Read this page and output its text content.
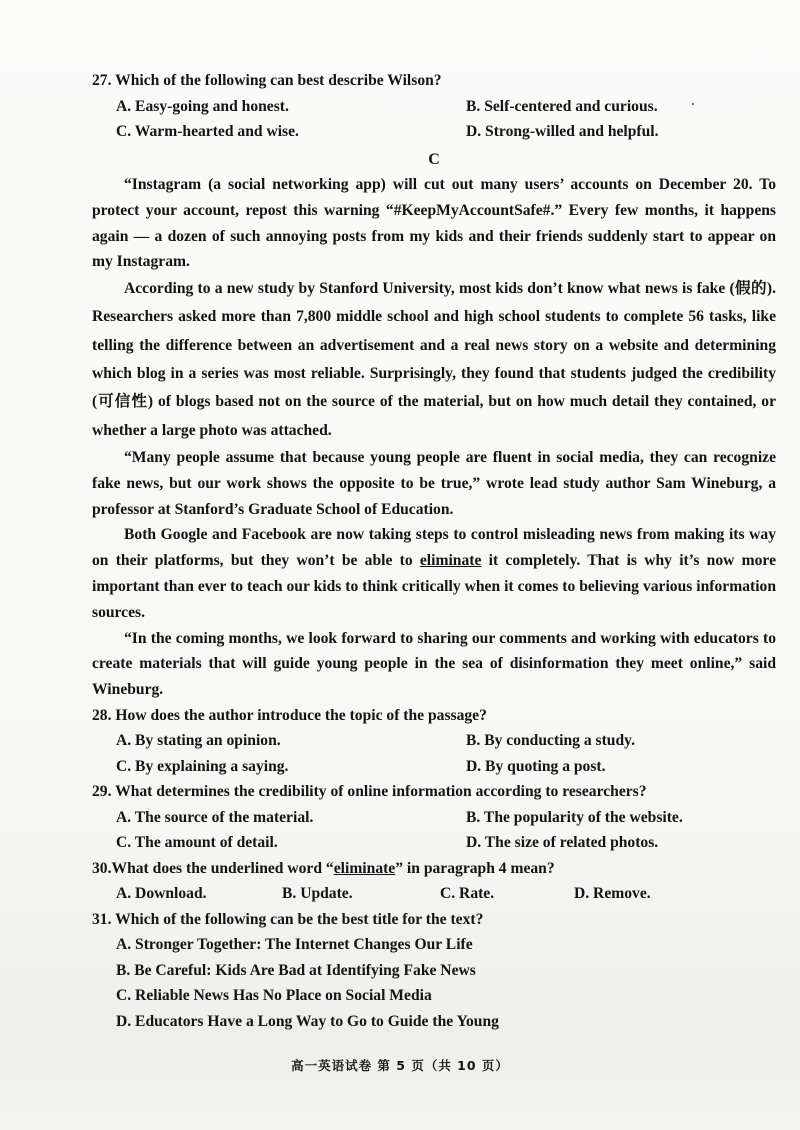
27. Which of the following can best describe Wilson?

A. Easy-going and honest.	B. Self-centered and curious.
C. Warm-hearted and wise.	D. Strong-willed and helpful.

C

“Instagram (a social networking app) will cut out many users’ accounts on December 20. To protect your account, repost this warning “#KeepMyAccountSafe#.” Every few months, it happens again — a dozen of such annoying posts from my kids and their friends suddenly start to appear on my Instagram.

According to a new study by Stanford University, most kids don’t know what news is fake (假的). Researchers asked more than 7,800 middle school and high school students to complete 56 tasks, like telling the difference between an advertisement and a real news story on a website and determining which blog in a series was most reliable. Surprisingly, they found that students judged the credibility (可信性) of blogs based not on the source of the material, but on how much detail they contained, or whether a large photo was attached.

“Many people assume that because young people are fluent in social media, they can recognize fake news, but our work shows the opposite to be true,” wrote lead study author Sam Wineburg, a professor at Stanford’s Graduate School of Education.

Both Google and Facebook are now taking steps to control misleading news from making its way on their platforms, but they won’t be able to eliminate it completely. That is why it’s now more important than ever to teach our kids to think critically when it comes to believing various information sources.

“In the coming months, we look forward to sharing our comments and working with educators to create materials that will guide young people in the sea of disinformation they meet online,” said Wineburg.

28. How does the author introduce the topic of the passage?

A. By stating an opinion.	B. By conducting a study.
C. By explaining a saying.	D. By quoting a post.

29. What determines the credibility of online information according to researchers?

A. The source of the material.	B. The popularity of the website.
C. The amount of detail.	D. The size of related photos.

30.What does the underlined word “eliminate” in paragraph 4 mean?

A. Download.	B. Update.	C. Rate.	D. Remove.

31. Which of the following can be the best title for the text?

A. Stronger Together: The Internet Changes Our Life
B. Be Careful: Kids Are Bad at Identifying Fake News
C. Reliable News Has No Place on Social Media
D. Educators Have a Long Way to Go to Guide the Young
高一英语试卷 第 5 页（共 10 页）
